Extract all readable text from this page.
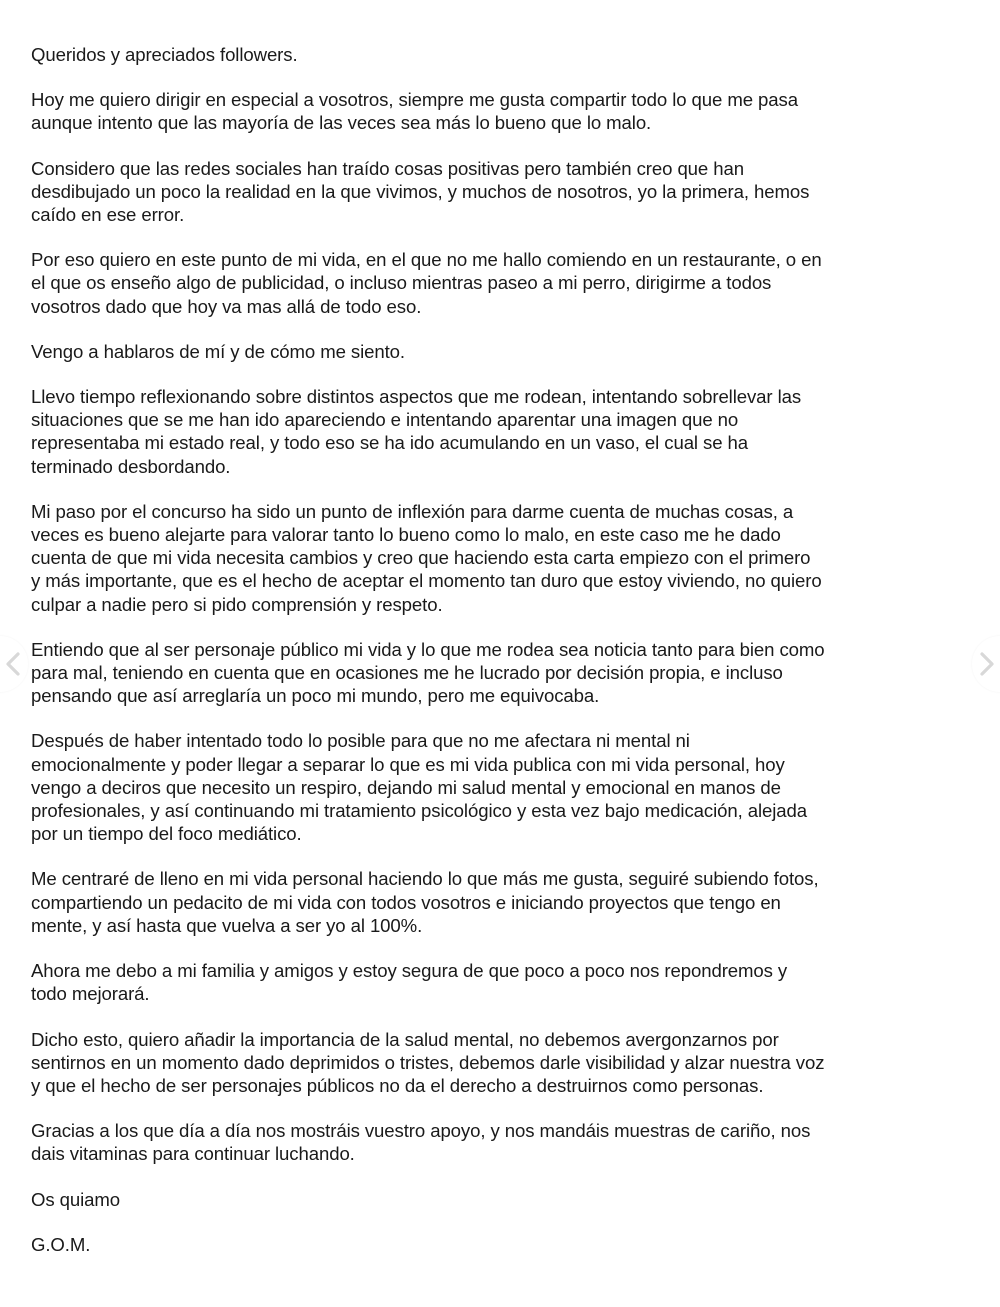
Queridos y apreciados followers.

Hoy me quiero dirigir en especial a vosotros, siempre me gusta compartir todo lo que me pasa
aunque intento que las mayoría de las veces sea más lo bueno que lo malo.

Considero que las redes sociales han traído cosas positivas pero también creo que han
desdibujado un poco la realidad en la que vivimos, y muchos de nosotros, yo la primera, hemos
caído en ese error.

Por eso quiero en este punto de mi vida, en el que no me hallo comiendo en un restaurante, o en
el que os enseño algo de publicidad, o incluso mientras paseo a mi perro, dirigirme a todos
vosotros dado que hoy va mas allá de todo eso.

Vengo a hablaros de mí y de cómo me siento.

Llevo tiempo reflexionando sobre distintos aspectos que me rodean, intentando sobrellevar las
situaciones que se me han ido apareciendo e intentando aparentar una imagen que no
representaba mi estado real, y todo eso se ha ido acumulando en un vaso, el cual se ha
terminado desbordando.

Mi paso por el concurso ha sido un punto de inflexión para darme cuenta de muchas cosas, a
veces es bueno alejarte para valorar tanto lo bueno como lo malo, en este caso me he dado
cuenta de que mi vida necesita cambios y creo que haciendo esta carta empiezo con el primero
y más importante, que es el hecho de aceptar el momento tan duro que estoy viviendo, no quiero
culpar a nadie pero si pido comprensión y respeto.

Entiendo que al ser personaje público mi vida y lo que me rodea sea noticia tanto para bien como
para mal, teniendo en cuenta que en ocasiones me he lucrado por decisión propia, e incluso
pensando que así arreglaría un poco mi mundo, pero me equivocaba.

Después de haber intentado todo lo posible para que no me afectara ni mental ni
emocionalmente y poder llegar a separar lo que es mi vida publica con mi vida personal, hoy
vengo a deciros que necesito un respiro, dejando mi salud mental y emocional en manos de
profesionales, y así continuando mi tratamiento psicológico y esta vez bajo medicación, alejada
por un tiempo del foco mediático.

Me centraré de lleno en mi vida personal haciendo lo que más me gusta, seguiré subiendo fotos,
compartiendo un pedacito de mi vida con todos vosotros e iniciando proyectos que tengo en
mente, y así hasta que vuelva a ser yo al 100%.

Ahora me debo a mi familia y amigos y estoy segura de que poco a poco nos repondremos y
todo mejorará.

Dicho esto, quiero añadir la importancia de la salud mental, no debemos avergonzarnos por
sentirnos en un momento dado deprimidos o tristes, debemos darle visibilidad y alzar nuestra voz
y que el hecho de ser personajes públicos no da el derecho a destruirnos como personas.

Gracias a los que día a día nos mostráis vuestro apoyo, y nos mandáis muestras de cariño, nos
dais vitaminas para continuar luchando.

Os quiamo

G.O.M.
